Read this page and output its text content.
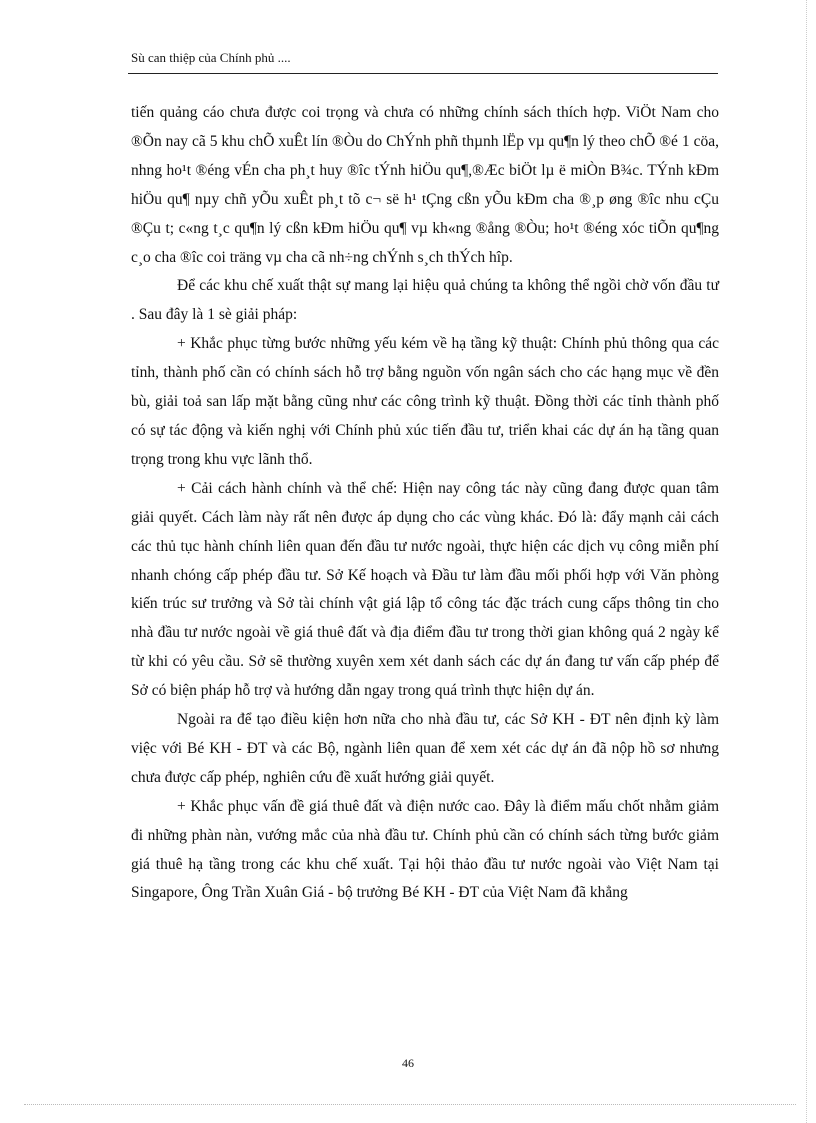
Sù can thiệp của Chính phủ ....

tiến quảng cáo chưa được coi trọng và chưa có những chính sách thích hợp. ViÖt Nam cho ®Õn nay cã 5 khu chÕ xuÊt lín ®Òu do ChÝnh phñ thµnh lËp vµ qu¶n lý theo chÕ ®é 1 cöa, nhng ho¹t ®éng vÉn cha ph¸t huy ®îc tÝnh hiÖu qu¶,®Æc biÖt lµ ë miÒn B¾c. TÝnh kÐm hiÖu qu¶ nµy chñ yÕu xuÊt ph¸t tõ c¬ së h¹ tÇng cßn yÕu kÐm cha ®¸p øng ®îc nhu cÇu ®Çu t; c«ng t¸c qu¶n lý cßn kÐm hiÖu qu¶ vµ kh«ng ®ång ®Òu; ho¹t ®éng xóc tiÕn qu¶ng c¸o cha ®îc coi träng vµ cha cã nh÷ng chÝnh s¸ch thÝch hîp.

Để các khu chế xuất thật sự mang lại hiệu quả chúng ta không thể ngồi chờ vốn đầu tư . Sau đây là 1 sè giải pháp:

+ Khắc phục từng bước những yếu kém về hạ tầng kỹ thuật: Chính phủ thông qua các tỉnh, thành phố cần có chính sách hỗ trợ bằng nguồn vốn ngân sách cho các hạng mục về đền bù, giải toả san lấp mặt bằng cũng như các công trình kỹ thuật. Đồng thời các tỉnh thành phố có sự tác động và kiến nghị với Chính phủ xúc tiến đầu tư, triển khai các dự án hạ tầng quan trọng trong khu vực lãnh thổ.

+ Cải cách hành chính và thể chế: Hiện nay công tác này cũng đang được quan tâm giải quyết. Cách làm này rất nên được áp dụng cho các vùng khác. Đó là: đẩy mạnh cải cách các thủ tục hành chính liên quan đến đầu tư nước ngoài, thực hiện các dịch vụ công miễn phí nhanh chóng cấp phép đầu tư. Sở Kế hoạch và Đầu tư làm đầu mối phối hợp với Văn phòng kiến trúc sư trưởng và Sở tài chính vật giá lập tổ công tác đặc trách cung cấps thông tin cho nhà đầu tư nước ngoài về giá thuê đất và địa điểm đầu tư trong thời gian không quá 2 ngày kể từ khi có yêu cầu. Sở sẽ thường xuyên xem xét danh sách các dự án đang tư vấn cấp phép để Sở có biện pháp hỗ trợ và hướng dẫn ngay trong quá trình thực hiện dự án.

Ngoài ra để tạo điều kiện hơn nữa cho nhà đầu tư, các Sở KH - ĐT nên định kỳ làm việc với Bé KH - ĐT và các Bộ, ngành liên quan để xem xét các dự án đã nộp hồ sơ nhưng chưa được cấp phép, nghiên cứu đề xuất hướng giải quyết.

+ Khắc phục vấn đề giá thuê đất và điện nước cao. Đây là điểm mấu chốt nhằm giảm đi những phàn nàn, vướng mắc của nhà đầu tư. Chính phủ cần có chính sách từng bước giảm giá thuê hạ tầng trong các khu chế xuất. Tại hội thảo đầu tư nước ngoài vào Việt Nam tại Singapore, Ông Trần Xuân Giá - bộ trưởng Bé KH - ĐT của Việt Nam đã khẳng

46
